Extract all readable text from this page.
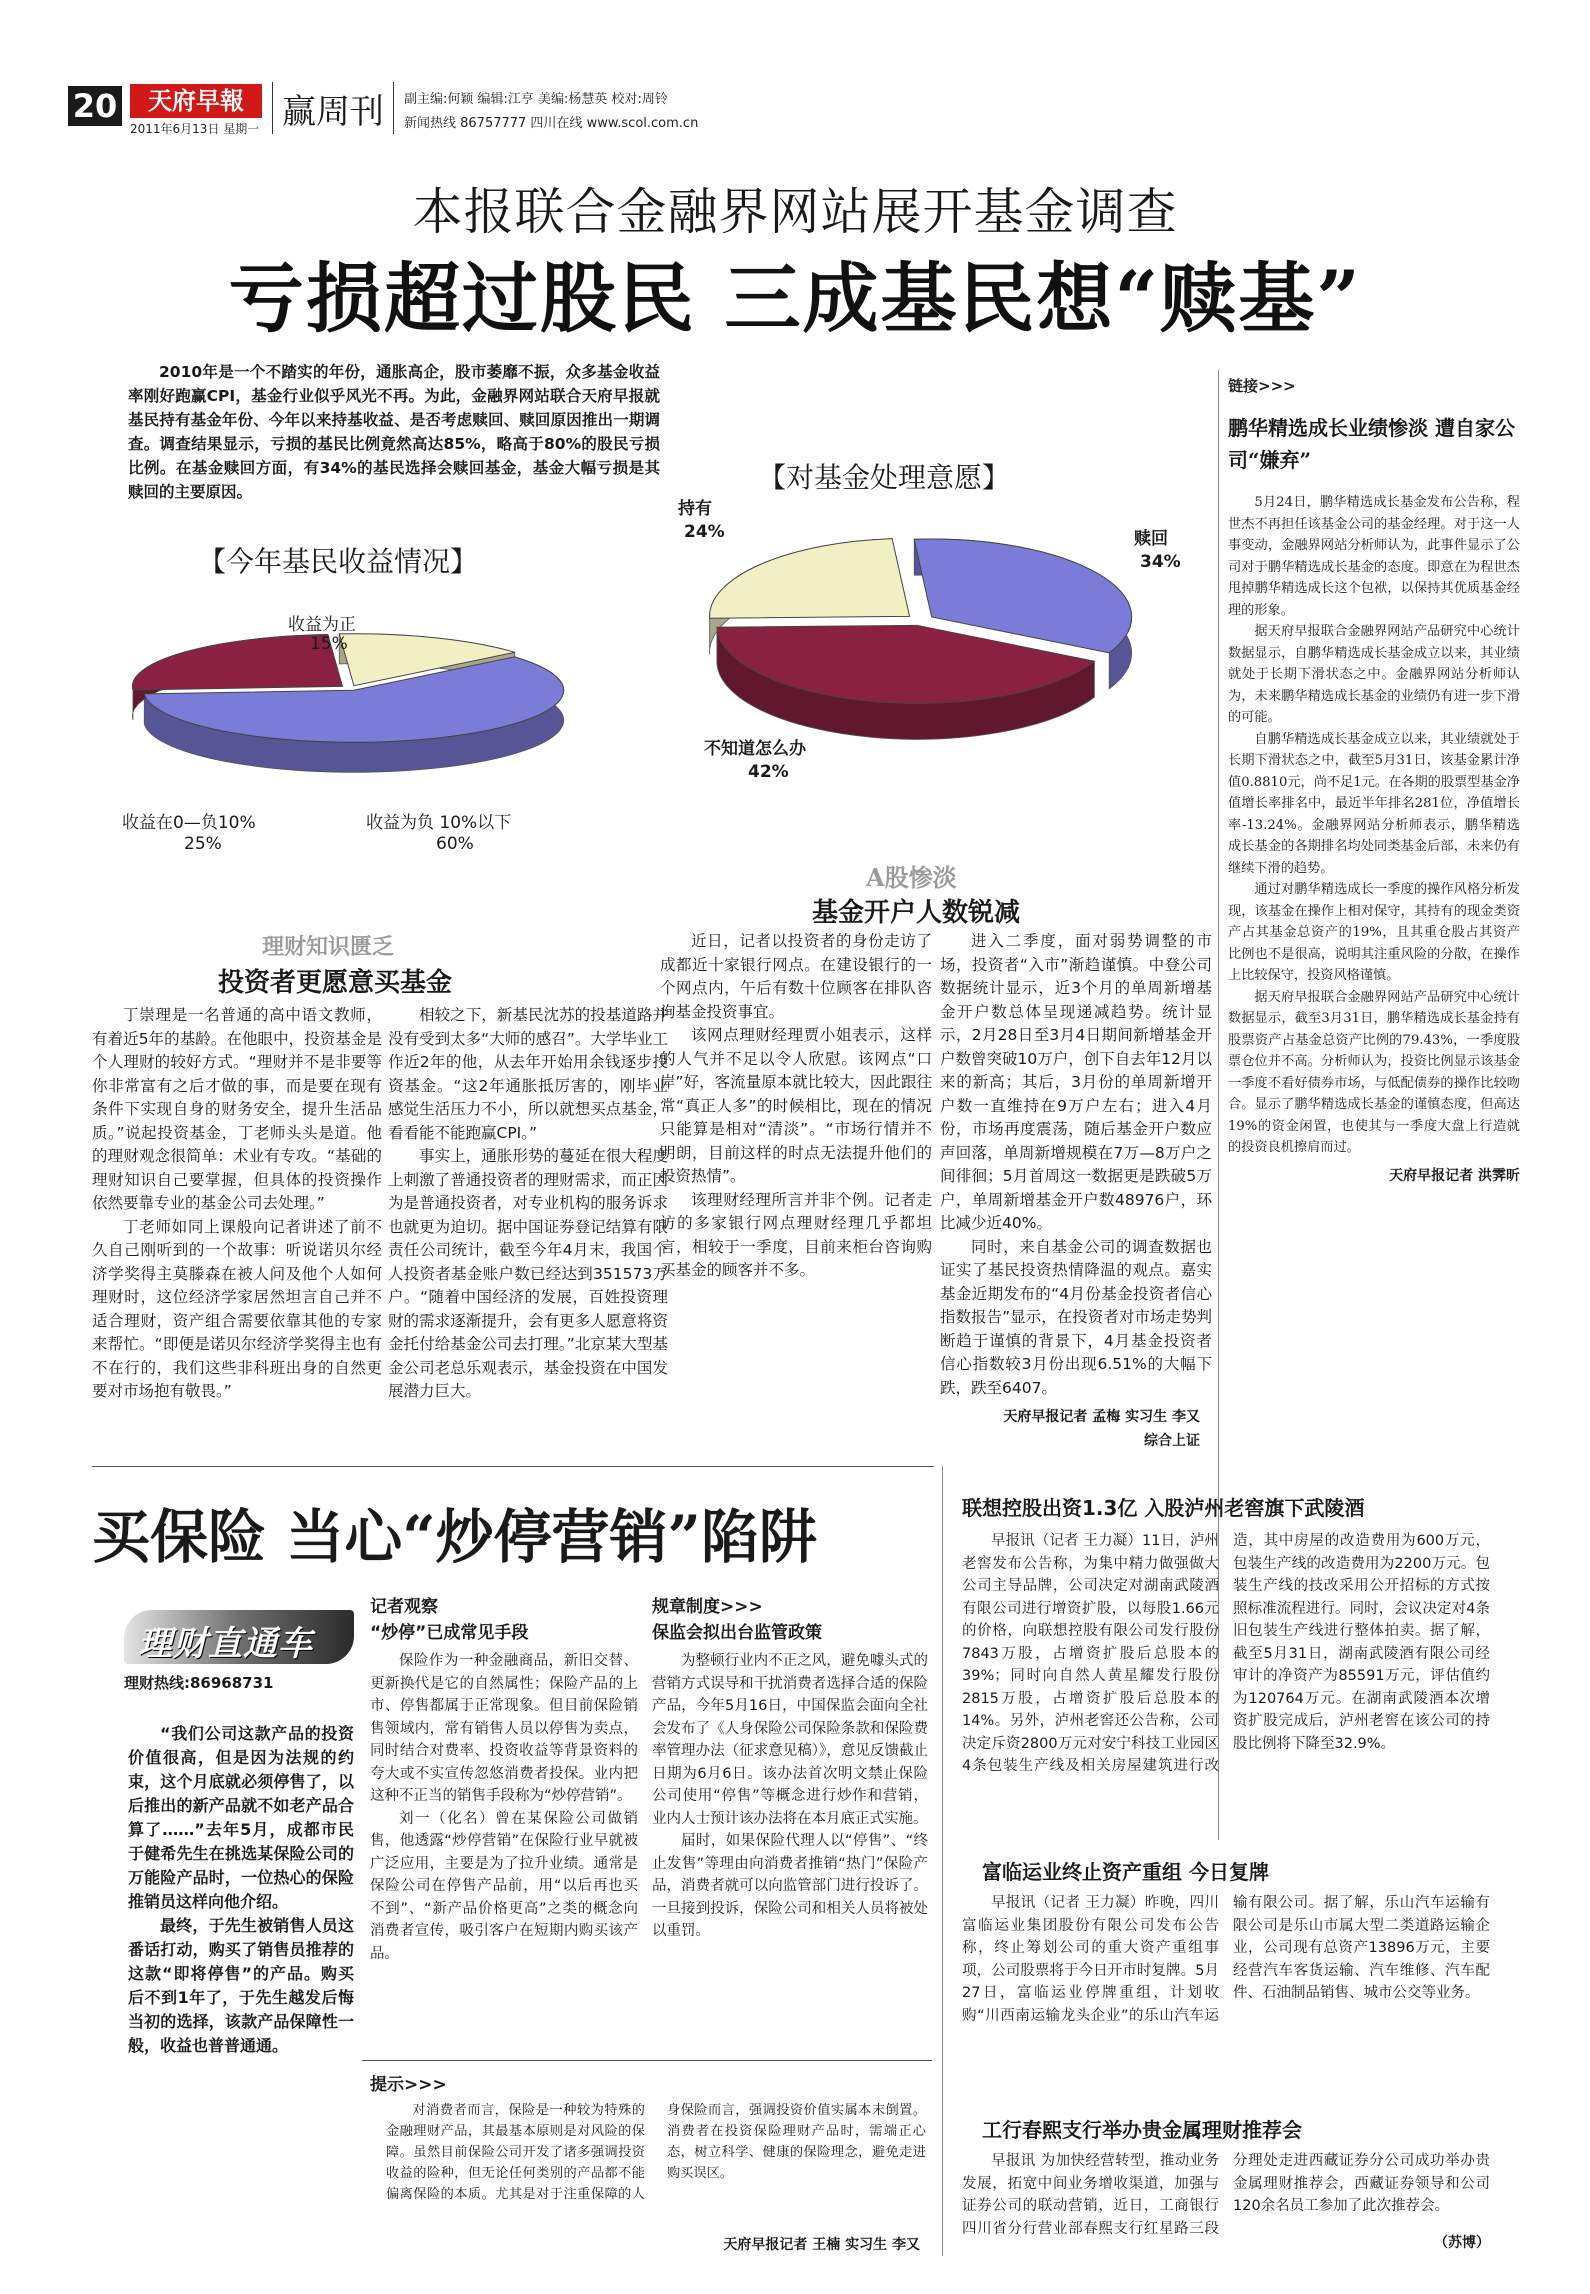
20	天府早報
2011年6月13日 星期一 赢周刊 副主编:何颖 编辑:江亨 美编:杨慧英 校对:周铃
新闻热线 86757777 四川在线 www.scol.com.cn
本报联合金融界网站展开基金调查
亏损超过股民 三成基民想“赎基”

2010年是一个不踏实的年份，通胀高企，股市萎靡不振，众多基金收益率刚好跑赢CPI，基金行业似乎风光不再。为此，金融界网站联合天府早报就基民持有基金年份、今年以来持基收益、是否考虑赎回、赎回原因推出一期调查。调查结果显示，亏损的基民比例竟然高达85%，略高于80%的股民亏损比例。在基金赎回方面，有34%的基民选择会赎回基金，基金大幅亏损是其赎回的主要原因。

【今年基民收益情况】
收益为正
15%
收益在0—负10%
25%
收益为负 10%以下
60%
【对基金处理意愿】
持有
24%	赎回
34%
不知道怎么办
42%
链接>>>
鹏华精选成长业绩惨淡 遭自家公司“嫌弃”

5月24日，鹏华精选成长基金发布公告称，程世杰不再担任该基金公司的基金经理。对于这一人事变动，金融界网站分析师认为，此事件显示了公司对于鹏华精选成长基金的态度。即意在为程世杰甩掉鹏华精选成长这个包袱，以保持其优质基金经理的形象。

据天府早报联合金融界网站产品研究中心统计数据显示，自鹏华精选成长基金成立以来，其业绩就处于长期下滑状态之中。金融界网站分析师认为，未来鹏华精选成长基金的业绩仍有进一步下滑的可能。

自鹏华精选成长基金成立以来，其业绩就处于长期下滑状态之中，截至5月31日，该基金累计净值0.8810元，尚不足1元。在各期的股票型基金净值增长率排名中，最近半年排名281位，净值增长率-13.24%。金融界网站分析师表示，鹏华精选成长基金的各期排名均处同类基金后部，未来仍有继续下滑的趋势。

通过对鹏华精选成长一季度的操作风格分析发现，该基金在操作上相对保守，其持有的现金类资产占其基金总资产的19%，且其重仓股占其资产比例也不是很高，说明其注重风险的分散，在操作上比较保守，投资风格谨慎。

据天府早报联合金融界网站产品研究中心统计数据显示，截至3月31日，鹏华精选成长基金持有股票资产占基金总资产比例的79.43%，一季度股票仓位并不高。分析师认为，投资比例显示该基金一季度不看好债券市场，与低配债券的操作比较吻合。显示了鹏华精选成长基金的谨慎态度，但高达19%的资金闲置，也使其与一季度大盘上行造就的投资良机擦肩而过。

天府早报记者 洪霁昕
理财知识匮乏
投资者更愿意买基金

丁崇理是一名普通的高中语文教师，有着近5年的基龄。在他眼中，投资基金是个人理财的较好方式。“理财并不是非要等你非常富有之后才做的事，而是要在现有条件下实现自身的财务安全，提升生活品质。”说起投资基金，丁老师头头是道。他的理财观念很简单：术业有专攻。“基础的理财知识自己要掌握，但具体的投资操作依然要靠专业的基金公司去处理。”

丁老师如同上课般向记者讲述了前不久自己刚听到的一个故事：听说诺贝尔经济学奖得主莫滕森在被人问及他个人如何理财时，这位经济学家居然坦言自己并不适合理财，资产组合需要依靠其他的专家来帮忙。“即便是诺贝尔经济学奖得主也有不在行的，我们这些非科班出身的自然更要对市场抱有敬畏。”

相较之下，新基民沈苏的投基道路并没有受到太多“大师的感召”。大学毕业工作近2年的他，从去年开始用余钱逐步投资基金。“这2年通胀抵厉害的，刚毕业感觉生活压力不小，所以就想买点基金，看看能不能跑赢CPI。”

事实上，通胀形势的蔓延在很大程度上刺激了普通投资者的理财需求，而正因为是普通投资者，对专业机构的服务诉求也就更为迫切。据中国证券登记结算有限责任公司统计，截至今年4月末，我国个人投资者基金账户数已经达到351573万户。“随着中国经济的发展，百姓投资理财的需求逐渐提升，会有更多人愿意将资金托付给基金公司去打理。”北京某大型基金公司老总乐观表示，基金投资在中国发展潜力巨大。

A股惨淡
基金开户人数锐减

近日，记者以投资者的身份走访了成都近十家银行网点。在建设银行的一个网点内，午后有数十位顾客在排队咨询基金投资事宜。

该网点理财经理贾小姐表示，这样的人气并不足以令人欣慰。该网点“口岸”好，客流量原本就比较大，因此跟往常“真正人多”的时候相比，现在的情况只能算是相对“清淡”。“市场行情并不明朗，目前这样的时点无法提升他们的投资热情”。

该理财经理所言并非个例。记者走访的多家银行网点理财经理几乎都坦言，相较于一季度，目前来柜台咨询购买基金的顾客并不多。

进入二季度，面对弱势调整的市场，投资者“入市”渐趋谨慎。中登公司数据统计显示，近3个月的单周新增基金开户数总体呈现递减趋势。统计显示，2月28日至3月4日期间新增基金开户数曾突破10万户，创下自去年12月以来的新高；其后，3月份的单周新增开户数一直维持在9万户左右；进入4月份，市场再度震荡，随后基金开户数应声回落，单周新增规模在7万—8万户之间徘徊；5月首周这一数据更是跌破5万户，单周新增基金开户数48976户，环比减少近40%。

同时，来自基金公司的调查数据也证实了基民投资热情降温的观点。嘉实基金近期发布的“4月份基金投资者信心指数报告”显示，在投资者对市场走势判断趋于谨慎的背景下，4月基金投资者信心指数较3月份出现6.51%的大幅下跌，跌至6407。

天府早报记者 孟梅 实习生 李又
综合上证
买保险 当心“炒停营销”陷阱
理财直通车
理财热线:86968731

“我们公司这款产品的投资价值很高，但是因为法规的约束，这个月底就必须停售了，以后推出的新产品就不如老产品合算了……”去年5月，成都市民于健希先生在挑选某保险公司的万能险产品时，一位热心的保险推销员这样向他介绍。

最终，于先生被销售人员这番话打动，购买了销售员推荐的这款“即将停售”的产品。购买后不到1年了，于先生越发后悔当初的选择，该款产品保障性一般，收益也普普通通。

记者观察
“炒停”已成常见手段

保险作为一种金融商品，新旧交替、更新换代是它的自然属性；保险产品的上市、停售都属于正常现象。但目前保险销售领域内，常有销售人员以停售为卖点，同时结合对费率、投资收益等背景资料的夸大或不实宣传忽悠消费者投保。业内把这种不正当的销售手段称为“炒停营销”。

刘一（化名）曾在某保险公司做销售，他透露“炒停营销”在保险行业早就被广泛应用，主要是为了拉升业绩。通常是保险公司在停售产品前，用“以后再也买不到”、“新产品价格更高”之类的概念向消费者宣传，吸引客户在短期内购买该产品。

规章制度>>>
保监会拟出台监管政策

为整顿行业内不正之风，避免噱头式的营销方式误导和干扰消费者选择合适的保险产品，今年5月16日，中国保监会面向全社会发布了《人身保险公司保险条款和保险费率管理办法（征求意见稿）》，意见反馈截止日期为6月6日。该办法首次明文禁止保险公司使用“停售”等概念进行炒作和营销，业内人士预计该办法将在本月底正式实施。

届时，如果保险代理人以“停售”、“终止发售”等理由向消费者推销“热门”保险产品，消费者就可以向监管部门进行投诉了。一旦接到投诉，保险公司和相关人员将被处以重罚。

提示>>>

对消费者而言，保险是一种较为特殊的金融理财产品，其最基本原则是对风险的保障。虽然目前保险公司开发了诸多强调投资收益的险种，但无论任何类别的产品都不能偏离保险的本质。尤其是对于注重保障的人身保险而言，强调投资价值实属本末倒置。消费者在投资保险理财产品时，需端正心态，树立科学、健康的保险理念，避免走进购买误区。

天府早报记者 王楠 实习生 李又
联想控股出资1.3亿 入股泸州老窖旗下武陵酒

早报讯（记者 王力凝）11日，泸州老窖发布公告称，为集中精力做强做大公司主导品牌，公司决定对湖南武陵酒有限公司进行增资扩股，以每股1.66元的价格，向联想控股有限公司发行股份7843万股，占增资扩股后总股本的39%；同时向自然人黄星耀发行股份2815万股，占增资扩股后总股本的14%。另外，泸州老窖还公告称，公司决定斥资2800万元对安宁科技工业园区4条包装生产线及相关房屋建筑进行改造，其中房屋的改造费用为600万元，包装生产线的改造费用为2200万元。包装生产线的技改采用公开招标的方式按照标准流程进行。同时，会议决定对4条旧包装生产线进行整体拍卖。据了解，截至5月31日，湖南武陵酒有限公司经审计的净资产为85591万元，评估值约为120764万元。在湖南武陵酒本次增资扩股完成后，泸州老窖在该公司的持股比例将下降至32.9%。

富临运业终止资产重组 今日复牌

早报讯（记者 王力凝）昨晚，四川富临运业集团股份有限公司发布公告称，终止筹划公司的重大资产重组事项，公司股票将于今日开市时复牌。5月27日，富临运业停牌重组，计划收购“川西南运输龙头企业”的乐山汽车运输有限公司。据了解，乐山汽车运输有限公司是乐山市属大型二类道路运输企业，公司现有总资产13896万元，主要经营汽车客货运输、汽车维修、汽车配件、石油制品销售、城市公交等业务。

工行春熙支行举办贵金属理财推荐会

早报讯 为加快经营转型，推动业务发展，拓宽中间业务增收渠道，加强与证券公司的联动营销，近日，工商银行四川省分行营业部春熙支行红星路三段分理处走进西藏证券分公司成功举办贵金属理财推荐会，西藏证券领导和公司120余名员工参加了此次推荐会。

（苏博）
